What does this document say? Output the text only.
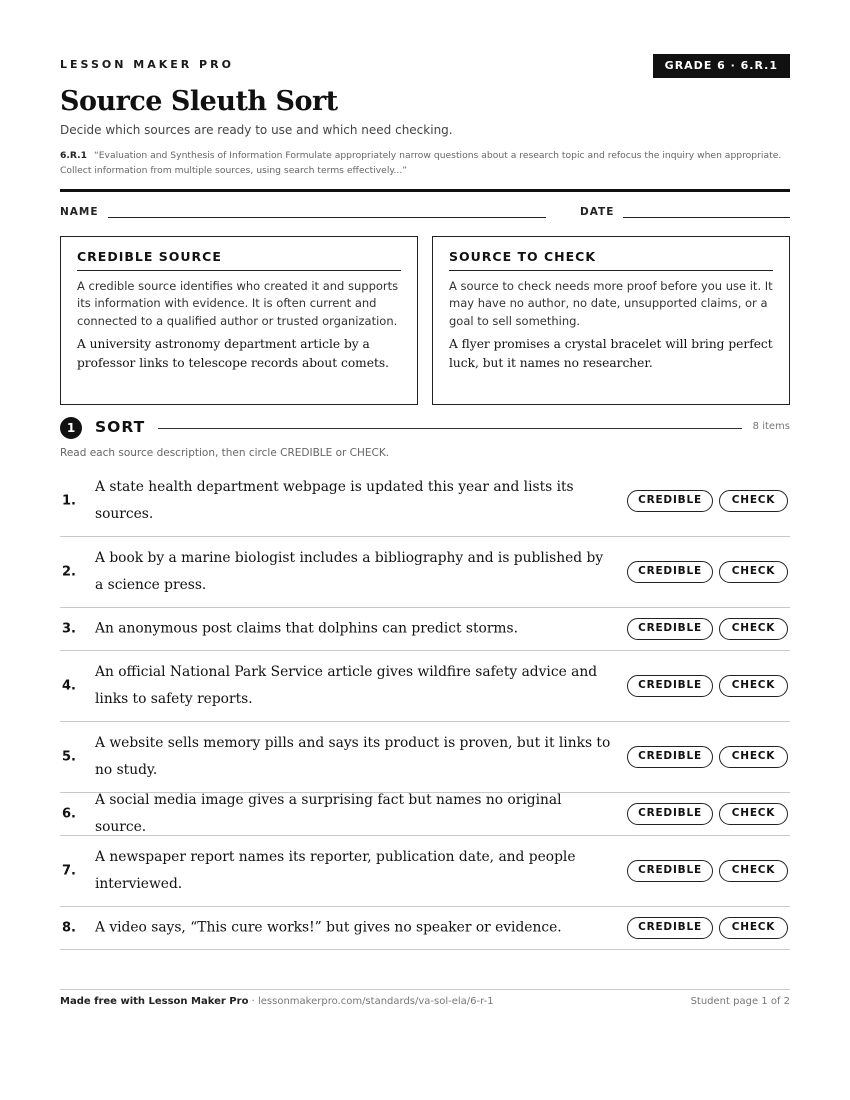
LESSON MAKER PRO	GRADE 6 · 6.R.1
Source Sleuth Sort
Decide which sources are ready to use and which need checking.
6.R.1 “Evaluation and Synthesis of Information Formulate appropriately narrow questions about a research topic and refocus the inquiry when appropriate. Collect information from multiple sources, using search terms effectively...”
NAME	DATE
CREDIBLE SOURCE
A credible source identifies who created it and supports its information with evidence. It is often current and connected to a qualified author or trusted organization.
A university astronomy department article by a professor links to telescope records about comets.
SOURCE TO CHECK
A source to check needs more proof before you use it. It may have no author, no date, unsupported claims, or a goal to sell something.
A flyer promises a crystal bracelet will bring perfect luck, but it names no researcher.
1	SORT	8 items
Read each source description, then circle CREDIBLE or CHECK.
1.
A state health department webpage is updated this year and lists its sources.
CREDIBLE	CHECK
2.
A book by a marine biologist includes a bibliography and is published by a science press.
CREDIBLE	CHECK
3. An anonymous post claims that dolphins can predict storms.	CREDIBLE	CHECK
4.
An official National Park Service article gives wildfire safety advice and links to safety reports.
CREDIBLE	CHECK
5.
A website sells memory pills and says its product is proven, but it links to no study.
CREDIBLE	CHECK
6.
A social media image gives a surprising fact but names no original source.
CREDIBLE	CHECK
7.
A newspaper report names its reporter, publication date, and people interviewed.
CREDIBLE	CHECK
8. A video says, “This cure works!” but gives no speaker or evidence.	CREDIBLE	CHECK
Made free with Lesson Maker Pro · lessonmakerpro.com/standards/va-sol-ela/6-r-1	Student page 1 of 2
